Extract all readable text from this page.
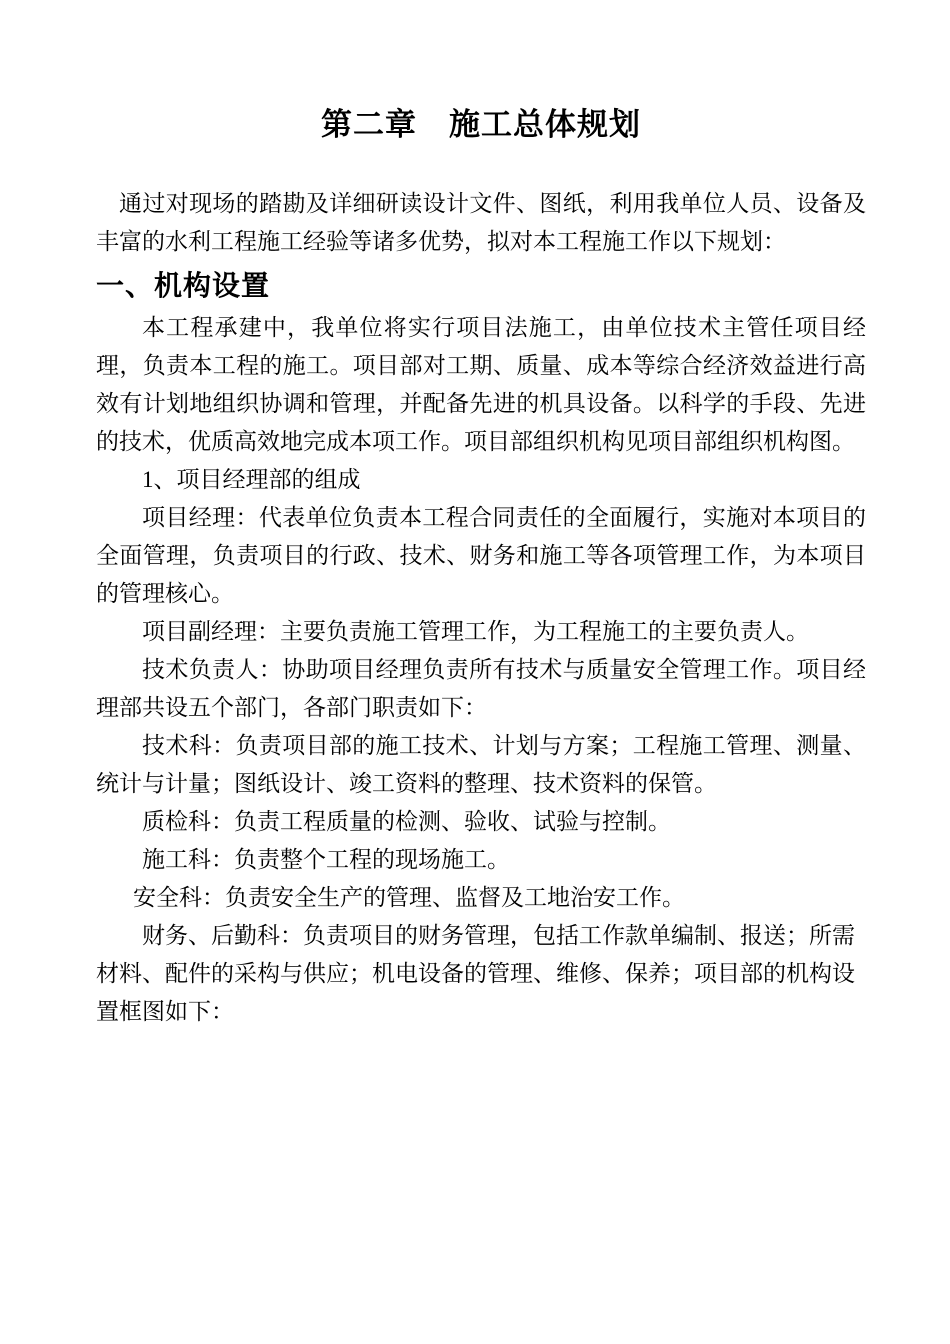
第二章　施工总体规划

通过对现场的踏勘及详细研读设计文件、图纸，利用我单位人员、设备及丰富的水利工程施工经验等诸多优势，拟对本工程施工作以下规划：

一、机构设置

本工程承建中，我单位将实行项目法施工，由单位技术主管任项目经理，负责本工程的施工。项目部对工期、质量、成本等综合经济效益进行高效有计划地组织协调和管理，并配备先进的机具设备。以科学的手段、先进的技术，优质高效地完成本项工作。项目部组织机构见项目部组织机构图。

1、项目经理部的组成

项目经理：代表单位负责本工程合同责任的全面履行，实施对本项目的全面管理，负责项目的行政、技术、财务和施工等各项管理工作，为本项目的管理核心。

项目副经理：主要负责施工管理工作，为工程施工的主要负责人。

技术负责人：协助项目经理负责所有技术与质量安全管理工作。项目经理部共设五个部门，各部门职责如下：

技术科：负责项目部的施工技术、计划与方案；工程施工管理、测量、统计与计量；图纸设计、竣工资料的整理、技术资料的保管。

质检科：负责工程质量的检测、验收、试验与控制。

施工科：负责整个工程的现场施工。

安全科：负责安全生产的管理、监督及工地治安工作。

财务、后勤科：负责项目的财务管理，包括工作款单编制、报送；所需材料、配件的采构与供应；机电设备的管理、维修、保养；项目部的机构设置框图如下：
